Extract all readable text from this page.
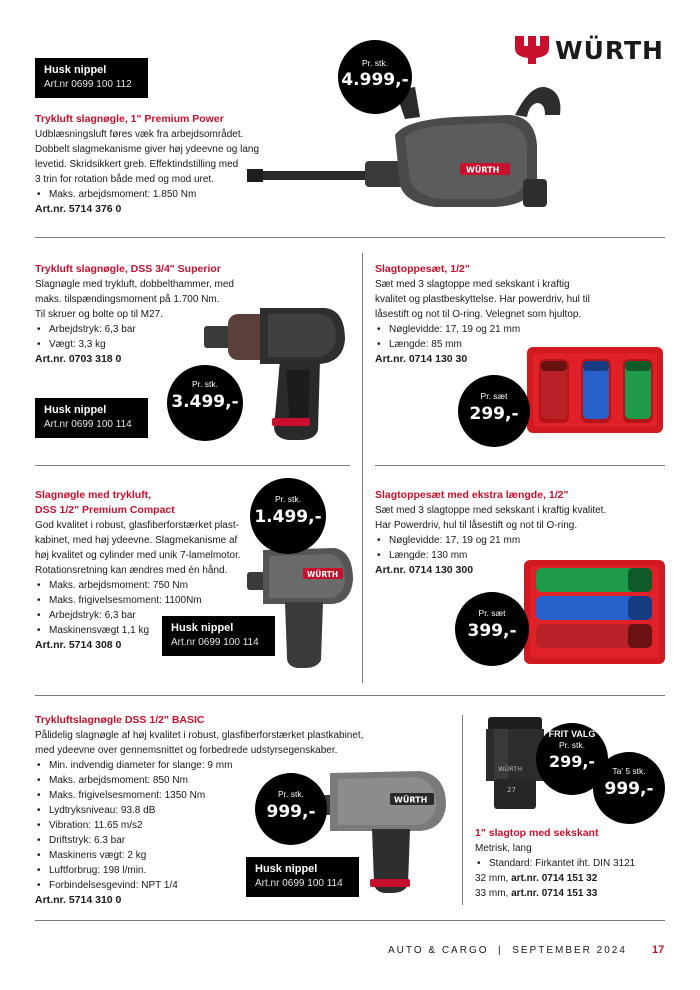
WÜRTH
Husk nippel
Art.nr 0699 100 112
Trykluft slagnøgle, 1" Premium Power
Udblæsningsluft føres væk fra arbejdsområdet.
Dobbelt slagmekanisme giver høj ydeevne og lang
levetid. Skridsikkert greb. Effektindstilling med
3 trin for rotation både med og mod uret.
• Maks. arbejdsmoment: 1.850 Nm
Art.nr. 5714 376 0
WÜRTH
Pr. stk.
4.999,-
Trykluft slagnøgle, DSS 3/4" Superior
Slagnøgle med trykluft, dobbelthammer, med
maks. tilspændingsmoment på 1.700 Nm.
Til skruer og bolte op til M27.
• Arbejdstryk: 6,3 bar
• Vægt: 3,3 kg
Art.nr. 0703 318 0
Pr. stk.
3.499,-
Husk nippel
Art.nr 0699 100 114
Slagtoppesæt, 1/2"
Sæt med 3 slagtoppe med sekskant i kraftig
kvalitet og plastbeskyttelse. Har powerdriv, hul til
låsestift og not til O-ring. Velegnet som hjultop.
• Nøglevidde: 17, 19 og 21 mm
• Længde: 85 mm
Art.nr. 0714 130 30
Pr. sæt
299,-
Slagnøgle med trykluft,
DSS 1/2" Premium Compact
God kvalitet i robust, glasfiberforstærket plast-
kabinet, med høj ydeevne. Slagmekanisme af
høj kvalitet og cylinder med unik 7-lamelmotor.
Rotationsretning kan ændres med én hånd.
• Maks. arbejdsmoment: 750 Nm
• Maks. frigivelsesmoment: 1100Nm
• Arbejdstryk: 6,3 bar
• Maskinensvægt 1,1 kg
Art.nr. 5714 308 0
WÜRTH
Pr. stk.
1.499,-
Husk nippel
Art.nr 0699 100 114
Slagtoppesæt med ekstra længde, 1/2"
Sæt med 3 slagtoppe med sekskant i kraftig kvalitet.
Har Powerdriv, hul til låsestift og not til O-ring.
• Nøglevidde: 17, 19 og 21 mm
• Længde: 130 mm
Art.nr. 0714 130 300
Pr. sæt
399,-
Trykluftslagnøgle DSS 1/2" BASIC
Pålidelig slagnøgle af høj kvalitet i robust, glasfiberforstærket plastkabinet,
med ydeevne over gennemsnittet og forbedrede udstyrsegenskaber.
• Min. indvendig diameter for slange: 9 mm
• Maks. arbejdsmoment: 850 Nm
• Maks. frigivelsesmoment: 1350 Nm
• Lydtryksniveau: 93.8 dB
• Vibration: 11.65 m/s2
• Driftstryk: 6.3 bar
• Maskinens vægt: 2 kg
• Luftforbrug: 198 l/min.
• Forbindelsesgevind: NPT 1/4
Art.nr. 5714 310 0
WÜRTH
Pr. stk.
999,-
Husk nippel
Art.nr 0699 100 114
WÜRTH
27
FRIT VALG
Pr. stk.
299,-	Ta' 5 stk.
999,-
1" slagtop med sekskant
Metrisk, lang
• Standard: Firkantet iht. DIN 3121
32 mm, art.nr. 0714 151 32
33 mm, art.nr. 0714 151 33
AUTO & CARGO  |  SEPTEMBER 2024 17
